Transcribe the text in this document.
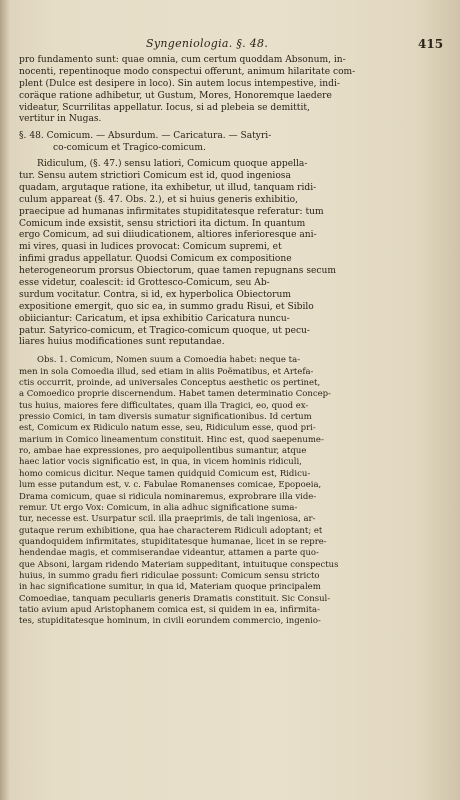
Syngeniologia. §. 48.	415
pro fundamento sunt: quae omnia, cum certum quoddam Absonum, in-
nocenti, repentinoque modo conspectui offerunt, animum hilaritate com-
plent (Dulce est desipere in loco). Sin autem locus intempestive, indi-
corâque ratione adhibetur, ut Gustum, Mores, Honoremque laedere
videatur, Scurrilitas appellatur. Iocus, si ad plebeia se demittit,
vertitur in Nugas.
§. 48. Comicum. — Absurdum. — Caricatura. — Satyri-
co-comicum et Tragico-comicum.
Ridiculum, (§. 47.) sensu latiori, Comicum quoque appella-
tur. Sensu autem strictiori Comicum est id, quod ingeniosa
quadam, argutaque ratione, ita exhibetur, ut illud, tanquam ridi-
culum appareat (§. 47. Obs. 2.), et si huius generis exhibitio,
praecipue ad humanas infirmitates stupiditatesque referatur: tum
Comicum inde exsistit, sensu strictiori ita dictum. In quantum
ergo Comicum, ad sui diiudicationem, altiores inferioresque ani-
mi vires, quasi in ludices provocat: Comicum supremi, et
infimi gradus appellatur. Quodsi Comicum ex compositione
heterogeneorum prorsus Obiectorum, quae tamen repugnans secum
esse videtur, coalescit: id Grottesco-Comicum, seu Ab-
surdum vocitatur. Contra, si id, ex hyperbolica Obiectorum
expositione emergit, quo sic ea, in summo gradu Risui, et Sibilo
obiiciantur: Caricatum, et ipsa exhibitio Caricatura nuncu-
patur. Satyrico-comicum, et Tragico-comicum quoque, ut pecu-
liares huius modificationes sunt reputandae.
Obs. 1. Comicum, Nomen suum a Comoedia habet: neque ta-
men in sola Comoedia illud, sed etiam in aliis Poëmatibus, et Artefa-
ctis occurrit, proinde, ad universales Conceptus aesthetic os pertinet,
a Comoedico proprie discernendum. Habet tamen determinatio Concep-
tus huius, maiores fere difficultates, quam illa Tragici, eo, quod ex-
pressio Comici, in tam diversis sumatur significationibus. Id certum
est, Comicum ex Ridiculo natum esse, seu, Ridiculum esse, quod pri-
marium in Comico lineamentum constituit. Hinc est, quod saepenume-
ro, ambae hae expressiones, pro aequipollentibus sumantur, atque
haec latior vocis significatio est, in qua, in vicem hominis ridiculi,
homo comicus dicitur. Neque tamen quidquid Comicum est, Ridicu-
lum esse putandum est, v. c. Fabulae Romanenses comicae, Epopoeia,
Drama comicum, quae si ridicula nominaremus, exprobrare illa vide-
remur. Ut ergo Vox: Comicum, in alia adhuc significatione suma-
tur, necesse est. Usurpatur scil. illa praeprimis, de tali ingeniosa, ar-
gutaque rerum exhibitione, qua hae characterem Ridiculi adoptant; et
quandoquidem infirmitates, stupiditatesque humanae, licet in se repre-
hendendae magis, et commiserandae videantur, attamen a parte quo-
que Absoni, largam ridendo Materiam suppeditant, intuituque conspectus
huius, in summo gradu fieri ridiculae possunt: Comicum sensu stricto
in hac significatione sumitur, in qua id, Materiam quoque principalem
Comoediae, tanquam peculiaris generis Dramatis constituit. Sic Consul-
tatio avium apud Aristophanem comica est, si quidem in ea, infirmita-
tes, stupiditatesque hominum, in civili eorundem commercio, ingenio-
